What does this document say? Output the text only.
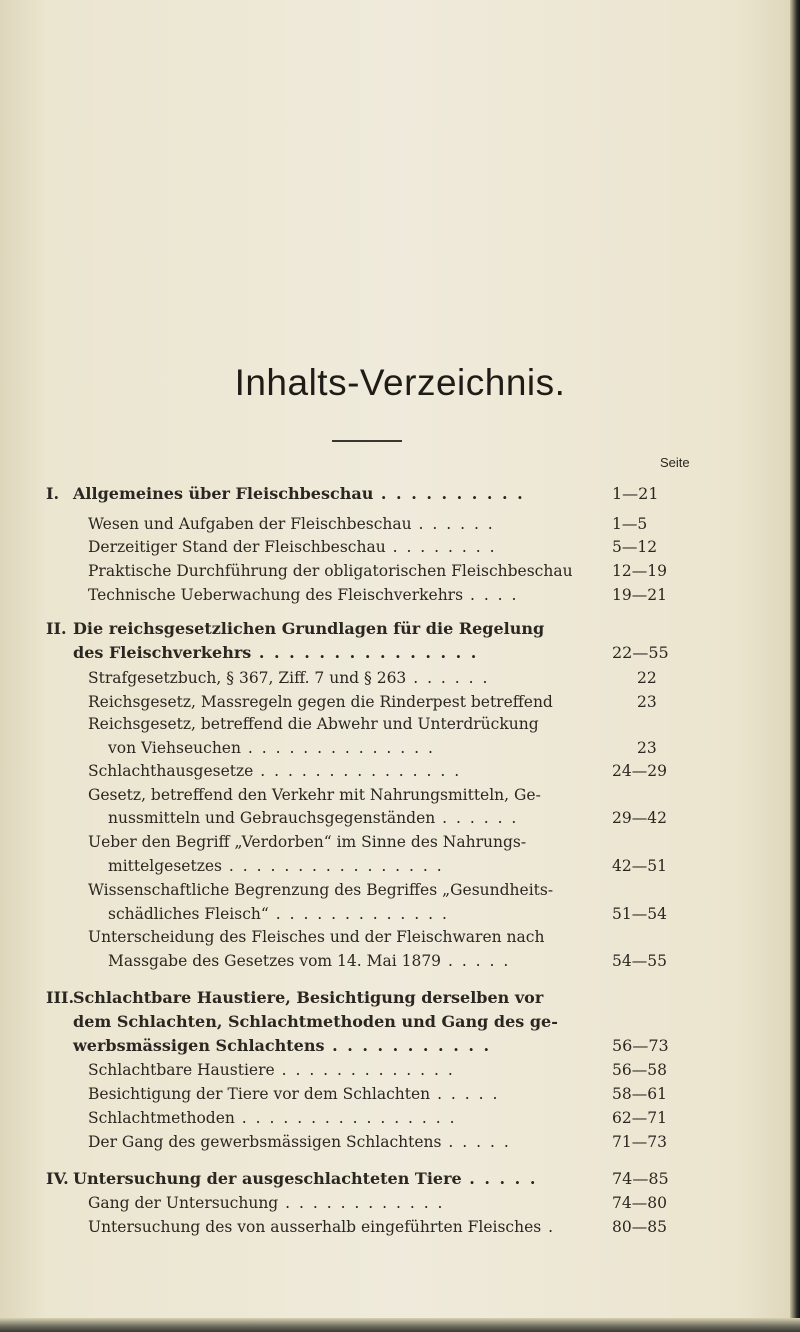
Inhalts-Verzeichnis.
Seite
I. Allgemeines über Fleischbeschau . . . . . . . . . .	1—21
Wesen und Aufgaben der Fleischbeschau . . . . . .	1—5
Derzeitiger Stand der Fleischbeschau . . . . . . . .	5—12
Praktische Durchführung der obligatorischen Fleischbeschau	12—19
Technische Ueberwachung des Fleischverkehrs . . . .	19—21
II. Die reichsgesetzlichen Grundlagen für die Regelung
des Fleischverkehrs . . . . . . . . . . . . . . .	22—55
Strafgesetzbuch, § 367, Ziff. 7 und § 263 . . . . . .	22
Reichsgesetz, Massregeln gegen die Rinderpest betreffend	23
Reichsgesetz, betreffend die Abwehr und Unterdrückung
von Viehseuchen . . . . . . . . . . . . . .	23
Schlachthausgesetze . . . . . . . . . . . . . . .	24—29
Gesetz, betreffend den Verkehr mit Nahrungsmitteln, Ge-
nussmitteln und Gebrauchsgegenständen . . . . . .	29—42
Ueber den Begriff „Verdorben“ im Sinne des Nahrungs-
mittelgesetzes . . . . . . . . . . . . . . . .	42—51
Wissenschaftliche Begrenzung des Begriffes „Gesundheits-
schädliches Fleisch“ . . . . . . . . . . . . .	51—54
Unterscheidung des Fleisches und der Fleischwaren nach
Massgabe des Gesetzes vom 14. Mai 1879 . . . . .	54—55
III.
Schlachtbare Haustiere, Besichtigung derselben vor
dem Schlachten, Schlachtmethoden und Gang des ge-
werbsmässigen Schlachtens . . . . . . . . . . .	56—73
Schlachtbare Haustiere . . . . . . . . . . . . .	56—58
Besichtigung der Tiere vor dem Schlachten . . . . .	58—61
Schlachtmethoden . . . . . . . . . . . . . . . .	62—71
Der Gang des gewerbsmässigen Schlachtens . . . . .	71—73
IV. Untersuchung der ausgeschlachteten Tiere . . . . .	74—85
Gang der Untersuchung . . . . . . . . . . . .	74—80
Untersuchung des von ausserhalb eingeführten Fleisches .	80—85
